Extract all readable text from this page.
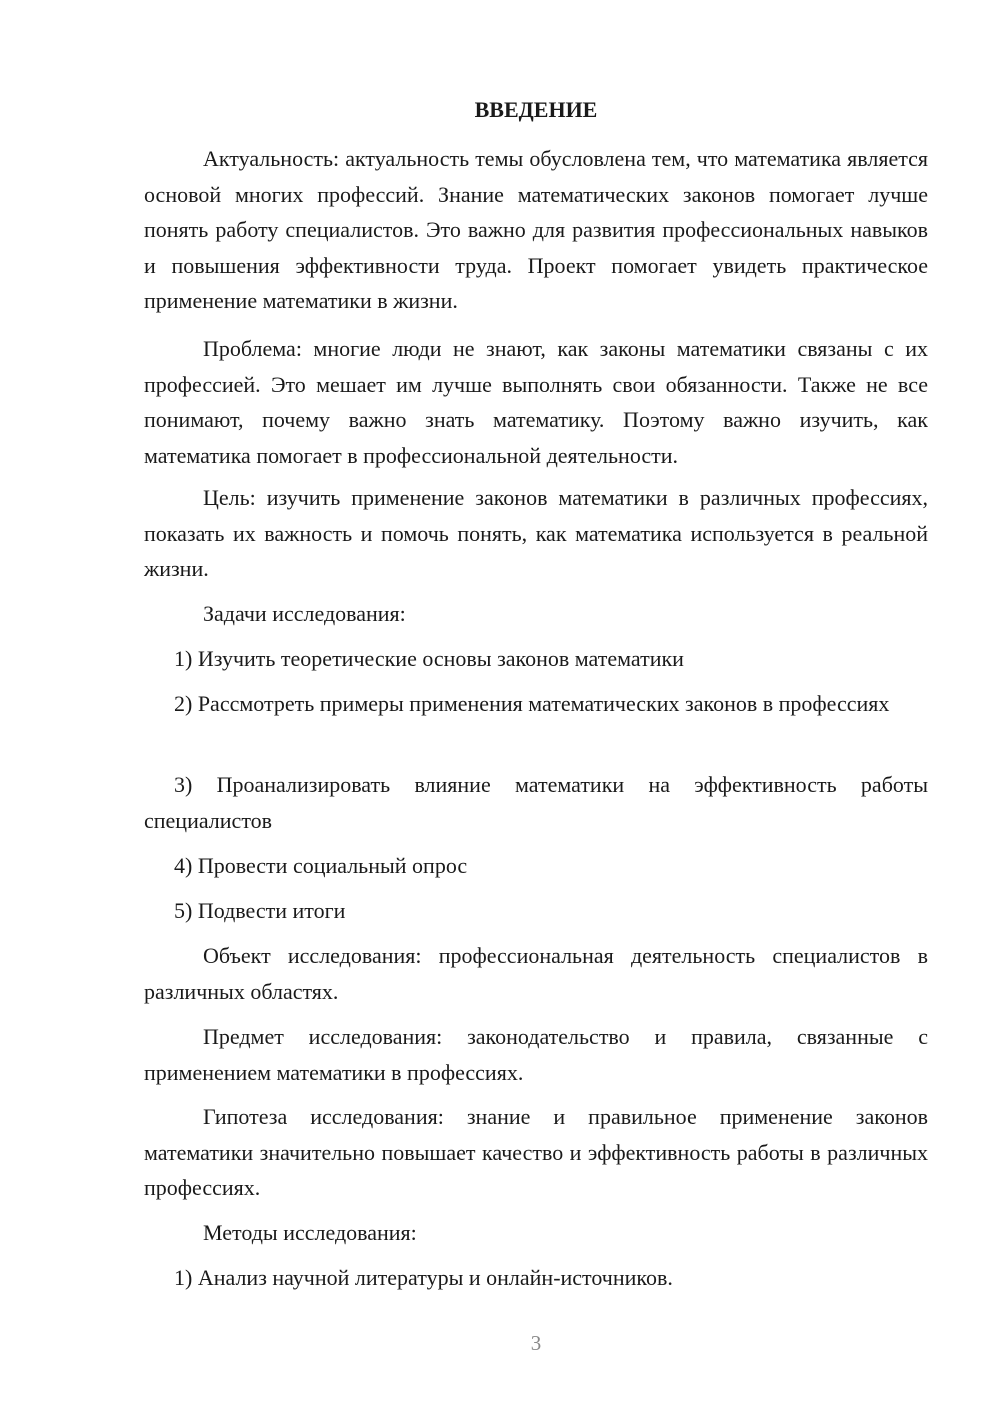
ВВЕДЕНИЕ

Актуальность: актуальность темы обусловлена тем, что математика является основой многих профессий. Знание математических законов помогает лучше понять работу специалистов. Это важно для развития профессиональных навыков и повышения эффективности труда. Проект помогает увидеть практическое применение математики в жизни.

Проблема: многие люди не знают, как законы математики связаны с их профессией. Это мешает им лучше выполнять свои обязанности. Также не все понимают, почему важно знать математику. Поэтому важно изучить, как математика помогает в профессиональной деятельности.

Цель: изучить применение законов математики в различных профессиях, показать их важность и помочь понять, как математика используется в реальной жизни.

Задачи исследования:

1) Изучить теоретические основы законов математики

2) Рассмотреть примеры применения математических законов в профессиях

3) Проанализировать влияние математики на эффективность работы специалистов

4) Провести социальный опрос

5) Подвести итоги

Объект исследования: профессиональная деятельность специалистов в различных областях.

Предмет исследования: законодательство и правила, связанные с применением математики в профессиях.

Гипотеза исследования: знание и правильное применение законов математики значительно повышает качество и эффективность работы в различных профессиях.

Методы исследования:

1) Анализ научной литературы и онлайн-источников.

3
